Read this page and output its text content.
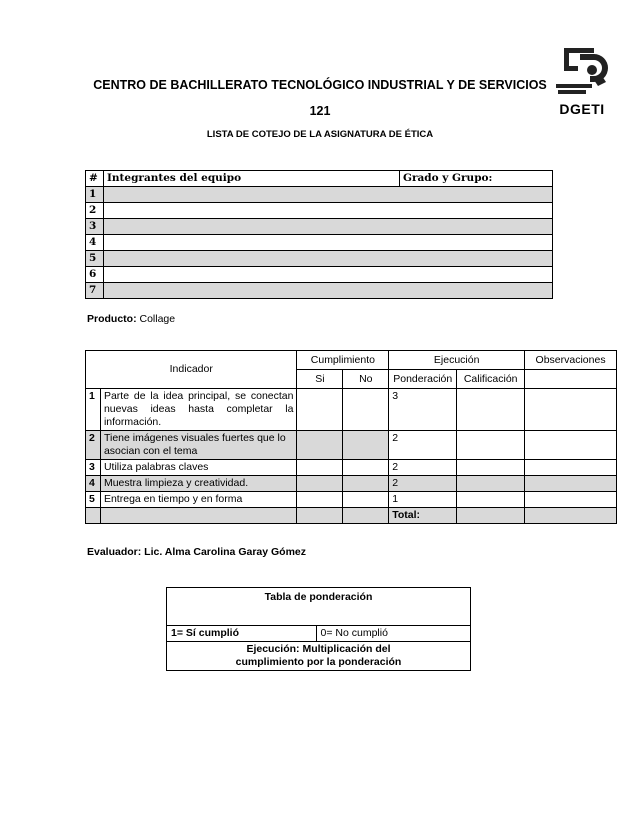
CENTRO DE BACHILLERATO TECNOLÓGICO INDUSTRIAL Y DE SERVICIOS
121
LISTA DE COTEJO DE LA ASIGNATURA DE ÉTICA
DGETI
#	Integrantes del equipo	Grado y Grupo:
1		
2		
3		
4		
5		
6		
7		
Producto: Collage
Indicador		Cumplimiento		Ejecución		Observaciones
		Si	No	Ponderación	Calificación	
1	Parte de la idea principal, se conectan nuevas ideas hasta completar la información.			3		
2	Tiene imágenes visuales fuertes que lo asocian con el tema			2		
3	Utiliza palabras claves			2		
4	Muestra limpieza y creatividad.			2		
5	Entrega en tiempo y en forma			1		
				Total:		
Evaluador: Lic. Alma Carolina Garay Gómez
Tabla de ponderación
1= Sí cumplió	0= No cumplió

Ejecución: Multiplicación del
cumplimiento por la ponderación
